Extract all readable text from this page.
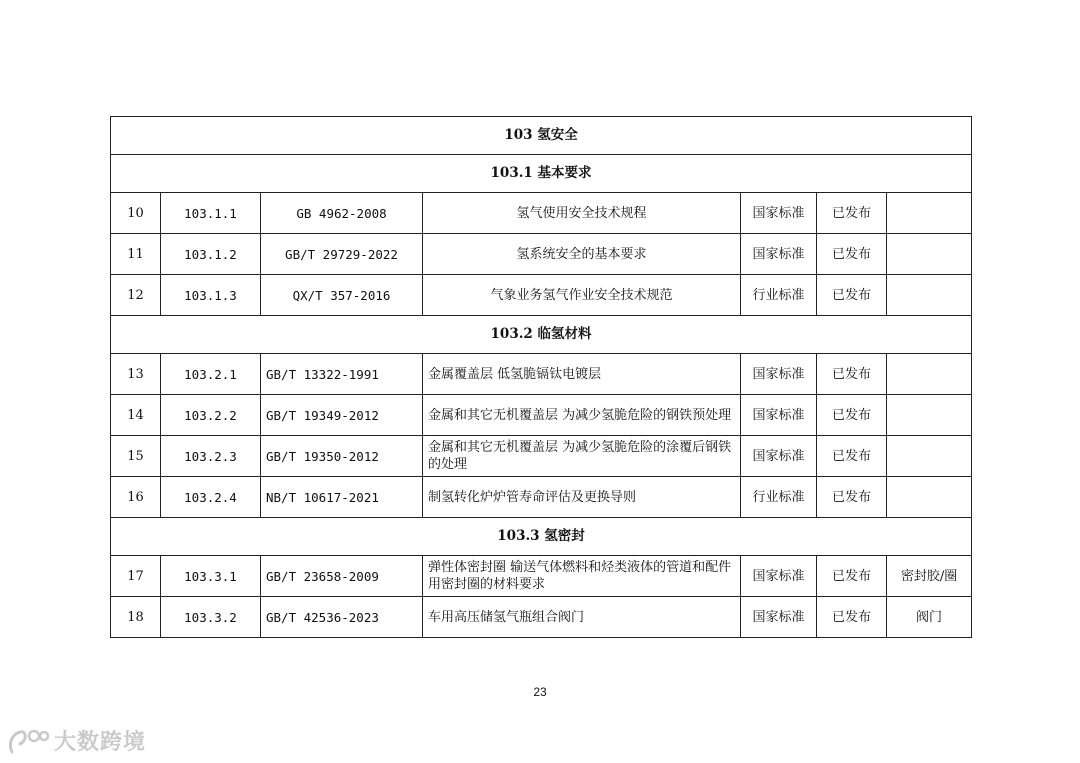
103 氢安全						
103.1 基本要求						
10	103.1.1	GB 4962-2008	氢气使用安全技术规程	国家标准	已发布	
11	103.1.2	GB/T 29729-2022	氢系统安全的基本要求	国家标准	已发布	
12	103.1.3	QX/T 357-2016	气象业务氢气作业安全技术规范	行业标准	已发布	
103.2 临氢材料						
13	103.2.1	GB/T 13322-1991	金属覆盖层 低氢脆镉钛电镀层	国家标准	已发布	
14	103.2.2	GB/T 19349-2012	金属和其它无机覆盖层 为减少氢脆危险的钢铁预处理	国家标准	已发布	
15	103.2.3	GB/T 19350-2012	金属和其它无机覆盖层 为减少氢脆危险的涂覆后钢铁的处理	国家标准	已发布	
16	103.2.4	NB/T 10617-2021	制氢转化炉炉管寿命评估及更换导则	行业标准	已发布	
103.3 氢密封						
17	103.3.1	GB/T 23658-2009	弹性体密封圈 输送气体燃料和烃类液体的管道和配件用密封圈的材料要求	国家标准	已发布	密封胶/圈
18	103.3.2	GB/T 42536-2023	车用高压储氢气瓶组合阀门	国家标准	已发布	阀门
23
大数跨境
